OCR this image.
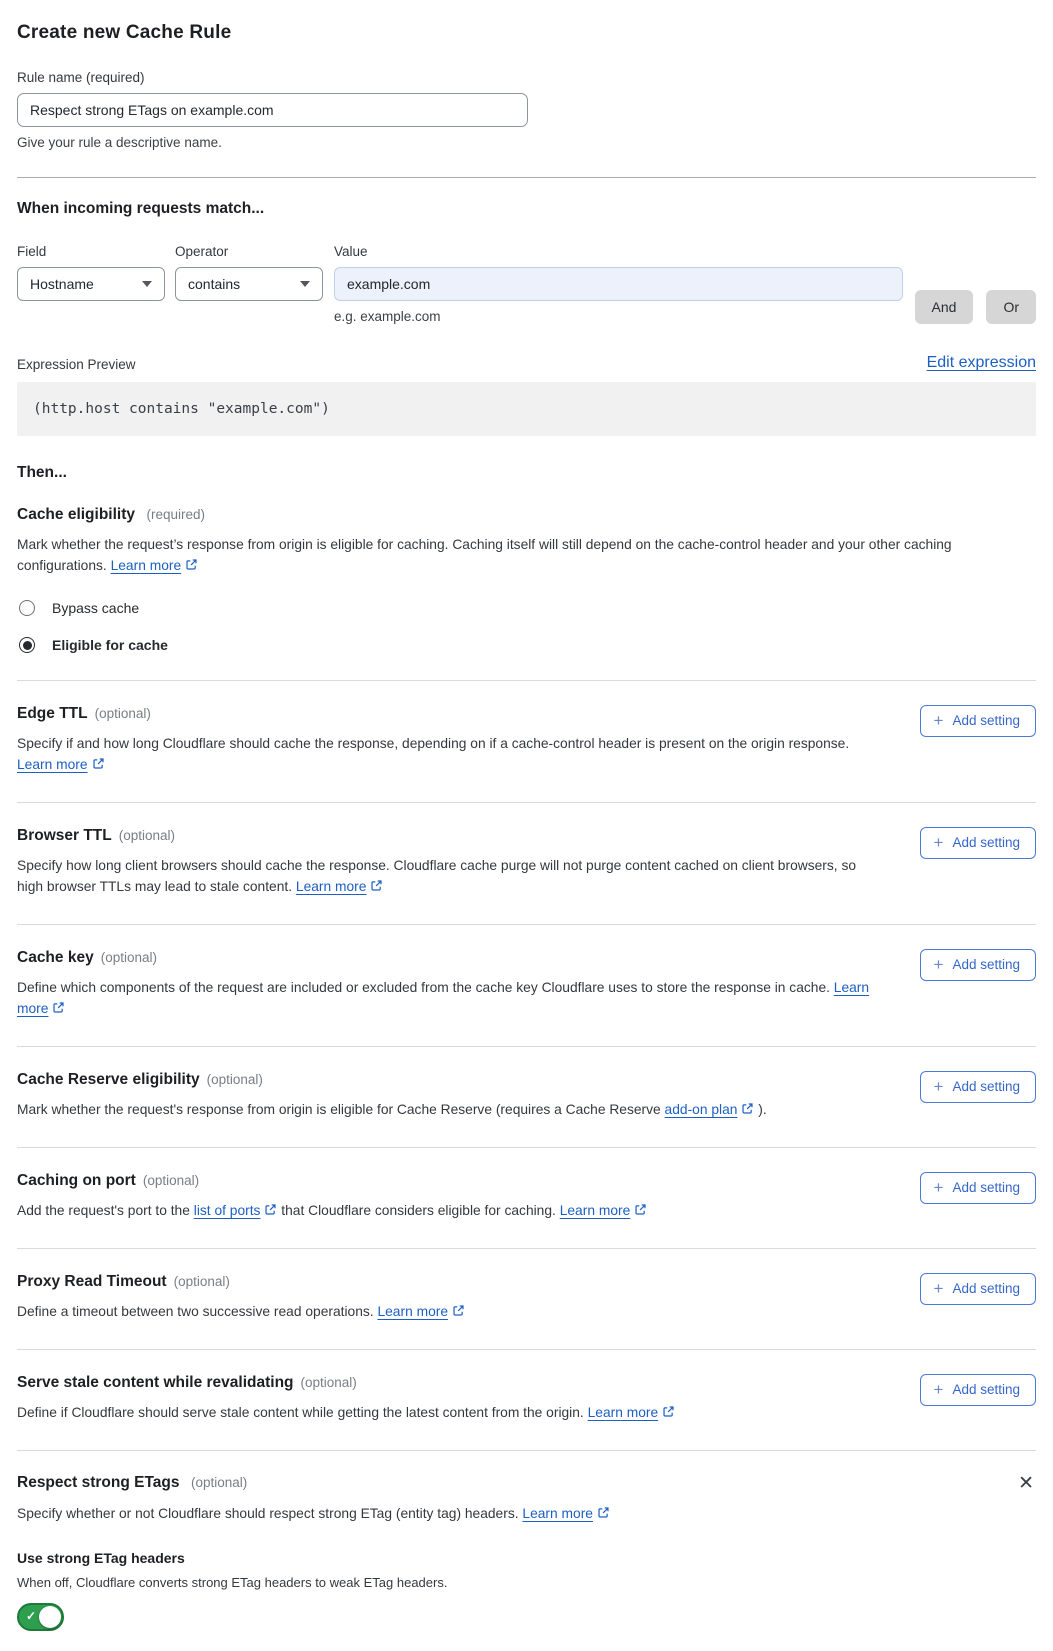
Create new Cache Rule
Rule name (required)
Respect strong ETags on example.com
Give your rule a descriptive name.
When incoming requests match...
Field
Hostname
Operator
contains
Value
example.com
e.g. example.com
And	Or
Expression Preview	Edit expression
(http.host contains "example.com")
Then...
Cache eligibility (required)

Mark whether the request’s response from origin is eligible for caching. Caching itself will still depend on the cache-control header and your other caching configurations. Learn more

Bypass cache
Eligible for cache
Edge TTL (optional)

Specify if and how long Cloudflare should cache the response, depending on if a cache-control header is present on the origin response. Learn more

+ Add setting
Browser TTL (optional)

Specify how long client browsers should cache the response. Cloudflare cache purge will not purge content cached on client browsers, so high browser TTLs may lead to stale content. Learn more

+ Add setting
Cache key (optional)

Define which components of the request are included or excluded from the cache key Cloudflare uses to store the response in cache. Learn more

+ Add setting
Cache Reserve eligibility (optional)

Mark whether the request's response from origin is eligible for Cache Reserve (requires a Cache Reserve add-on plan ).

+ Add setting
Caching on port (optional)

Add the request's port to the list of ports that Cloudflare considers eligible for caching. Learn more

+ Add setting
Proxy Read Timeout (optional)

Define a timeout between two successive read operations. Learn more

+ Add setting
Serve stale content while revalidating (optional)

Define if Cloudflare should serve stale content while getting the latest content from the origin. Learn more

+ Add setting
Respect strong ETags (optional)	✕

Specify whether or not Cloudflare should respect strong ETag (entity tag) headers. Learn more

Use strong ETag headers
When off, Cloudflare converts strong ETag headers to weak ETag headers.
✓
